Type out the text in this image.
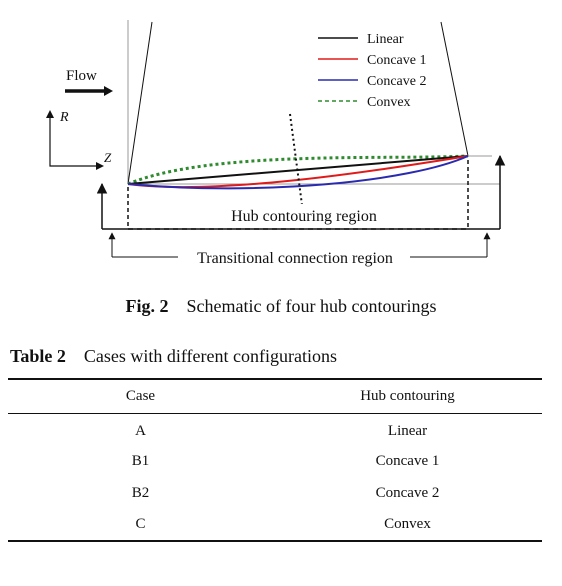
Flow
R
Z
Hub contouring region
Transitional connection region
Linear
Concave 1
Concave 2
Convex
Fig. 2 Schematic of four hub contourings
Table 2 Cases with different configurations
Case	Hub contouring
A	Linear
B1	Concave 1
B2	Concave 2
C	Convex
